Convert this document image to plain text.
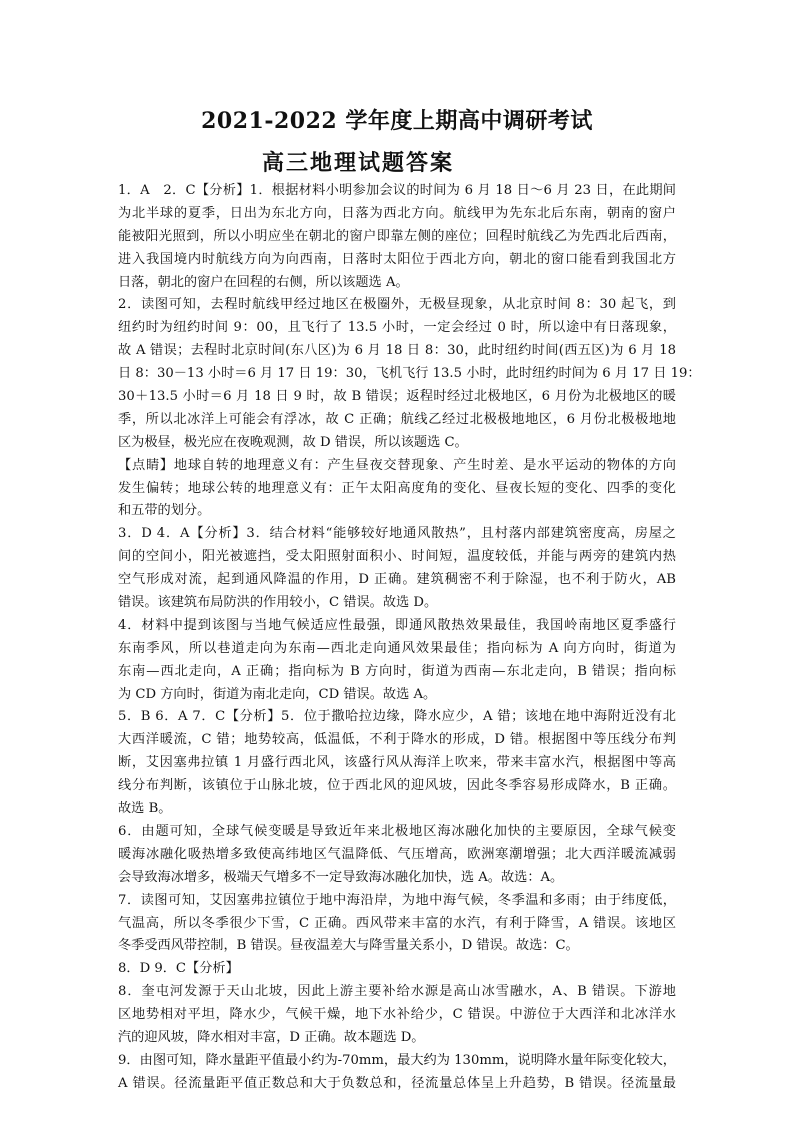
2021-2022 学年度上期高中调研考试
高三地理试题答案
1．A　2．C【分析】1．根据材料小明参加会议的时间为 6 月 18 日～6 月 23 日，在此期间
为北半球的夏季，日出为东北方向，日落为西北方向。航线甲为先东北后东南，朝南的窗户
能被阳光照到，所以小明应坐在朝北的窗户即靠左侧的座位；回程时航线乙为先西北后西南，
进入我国境内时航线方向为向西南，日落时太阳位于西北方向，朝北的窗口能看到我国北方
日落，朝北的窗户在回程的右侧，所以该题选 A。
2．读图可知，去程时航线甲经过地区在极圈外，无极昼现象，从北京时间 8：30 起飞，到
纽约时为纽约时间 9：00，且飞行了 13.5 小时，一定会经过 0 时，所以途中有日落现象，
故 A 错误；去程时北京时间(东八区)为 6 月 18 日 8：30，此时纽约时间(西五区)为 6 月 18
日 8：30－13 小时＝6 月 17 日 19：30，飞机飞行 13.5 小时，此时纽约时间为 6 月 17 日 19：
30＋13.5 小时＝6 月 18 日 9 时，故 B 错误；返程时经过北极地区，6 月份为北极地区的暖
季，所以北冰洋上可能会有浮冰，故 C 正确；航线乙经过北极极地地区，6 月份北极极地地
区为极昼，极光应在夜晚观测，故 D 错误，所以该题选 C。
【点睛】地球自转的地理意义有：产生昼夜交替现象、产生时差、是水平运动的物体的方向
发生偏转；地球公转的地理意义有：正午太阳高度角的变化、昼夜长短的变化、四季的变化
和五带的划分。
3．D 4．A【分析】3．结合材料“能够较好地通风散热”，且村落内部建筑密度高，房屋之
间的空间小，阳光被遮挡，受太阳照射面积小、时间短，温度较低，并能与两旁的建筑内热
空气形成对流，起到通风降温的作用，D 正确。建筑稠密不利于除湿，也不利于防火，AB
错误。该建筑布局防洪的作用较小，C 错误。故选 D。
4．材料中提到该图与当地气候适应性最强，即通风散热效果最佳，我国岭南地区夏季盛行
东南季风，所以巷道走向为东南—西北走向通风效果最佳；指向标为 A 向方向时，街道为
东南—西北走向，A 正确；指向标为 B 方向时，街道为西南—东北走向，B 错误；指向标
为 CD 方向时，街道为南北走向，CD 错误。故选 A。
5．B 6．A 7．C【分析】5．位于撒哈拉边缘，降水应少，A 错；该地在地中海附近没有北
大西洋暖流，C 错；地势较高，低温低，不利于降水的形成，D 错。根据图中等压线分布判
断，艾因塞弗拉镇 1 月盛行西北风，该盛行风从海洋上吹来，带来丰富水汽，根据图中等高
线分布判断，该镇位于山脉北坡，位于西北风的迎风坡，因此冬季容易形成降水，B 正确。
故选 B。
6．由题可知，全球气候变暖是导致近年来北极地区海冰融化加快的主要原因，全球气候变
暖海冰融化吸热增多致使高纬地区气温降低、气压增高，欧洲寒潮增强；北大西洋暖流减弱
会导致海冰增多，极端天气增多不一定导致海冰融化加快，选 A。故选：A。
7．读图可知，艾因塞弗拉镇位于地中海沿岸，为地中海气候，冬季温和多雨；由于纬度低，
气温高，所以冬季很少下雪，C 正确。西风带来丰富的水汽，有利于降雪，A 错误。该地区
冬季受西风带控制，B 错误。昼夜温差大与降雪量关系小，D 错误。故选：C。
8．D 9．C【分析】
8．奎屯河发源于天山北坡，因此上游主要补给水源是高山冰雪融水，A、B 错误。下游地
区地势相对平坦，降水少，气候干燥，地下水补给少，C 错误。中游位于大西洋和北冰洋水
汽的迎风坡，降水相对丰富，D 正确。故本题选 D。
9．由图可知，降水量距平值最小约为-70mm，最大约为 130mm，说明降水量年际变化较大，
A 错误。径流量距平值正数总和大于负数总和，径流量总体呈上升趋势，B 错误。径流量最
